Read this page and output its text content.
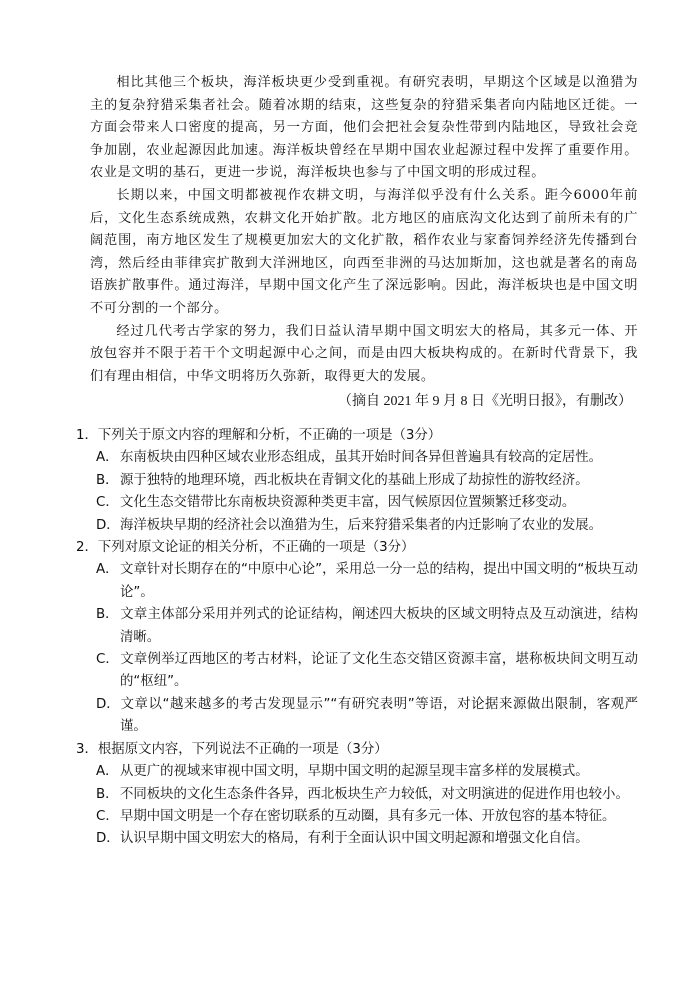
相比其他三个板块，海洋板块更少受到重视。有研究表明，早期这个区域是以渔猎为主的复杂狩猎采集者社会。随着冰期的结束，这些复杂的狩猎采集者向内陆地区迁徙。一方面会带来人口密度的提高，另一方面，他们会把社会复杂性带到内陆地区，导致社会竞争加剧，农业起源因此加速。海洋板块曾经在早期中国农业起源过程中发挥了重要作用。农业是文明的基石，更进一步说，海洋板块也参与了中国文明的形成过程。

长期以来，中国文明都被视作农耕文明，与海洋似乎没有什么关系。距今6000年前后，文化生态系统成熟，农耕文化开始扩散。北方地区的庙底沟文化达到了前所未有的广阔范围，南方地区发生了规模更加宏大的文化扩散，稻作农业与家畜饲养经济先传播到台湾，然后经由菲律宾扩散到大洋洲地区，向西至非洲的马达加斯加，这也就是著名的南岛语族扩散事件。通过海洋，早期中国文化产生了深远影响。因此，海洋板块也是中国文明不可分割的一个部分。

经过几代考古学家的努力，我们日益认清早期中国文明宏大的格局，其多元一体、开放包容并不限于若干个文明起源中心之间，而是由四大板块构成的。在新时代背景下，我们有理由相信，中华文明将历久弥新，取得更大的发展。

（摘自 2021 年 9 月 8 日《光明日报》，有删改）

1．下列关于原文内容的理解和分析，不正确的一项是（3分）

A．东南板块由四种区域农业形态组成，虽其开始时间各异但普遍具有较高的定居性。
B．源于独特的地理环境，西北板块在青铜文化的基础上形成了劫掠性的游牧经济。
C．文化生态交错带比东南板块资源种类更丰富，因气候原因位置频繁迁移变动。
D．海洋板块早期的经济社会以渔猎为生，后来狩猎采集者的内迁影响了农业的发展。

2．下列对原文论证的相关分析，不正确的一项是（3分）

A．文章针对长期存在的“中原中心论”，采用总一分一总的结构，提出中国文明的“板块互动论”。
B．文章主体部分采用并列式的论证结构，阐述四大板块的区域文明特点及互动演进，结构清晰。
C．文章例举辽西地区的考古材料，论证了文化生态交错区资源丰富，堪称板块间文明互动的“枢纽”。
D．文章以“越来越多的考古发现显示”“有研究表明”等语，对论据来源做出限制，客观严谨。

3．根据原文内容，下列说法不正确的一项是（3分）

A．从更广的视域来审视中国文明，早期中国文明的起源呈现丰富多样的发展模式。
B．不同板块的文化生态条件各异，西北板块生产力较低，对文明演进的促进作用也较小。
C．早期中国文明是一个存在密切联系的互动圈，具有多元一体、开放包容的基本特征。
D．认识早期中国文明宏大的格局，有利于全面认识中国文明起源和增强文化自信。
